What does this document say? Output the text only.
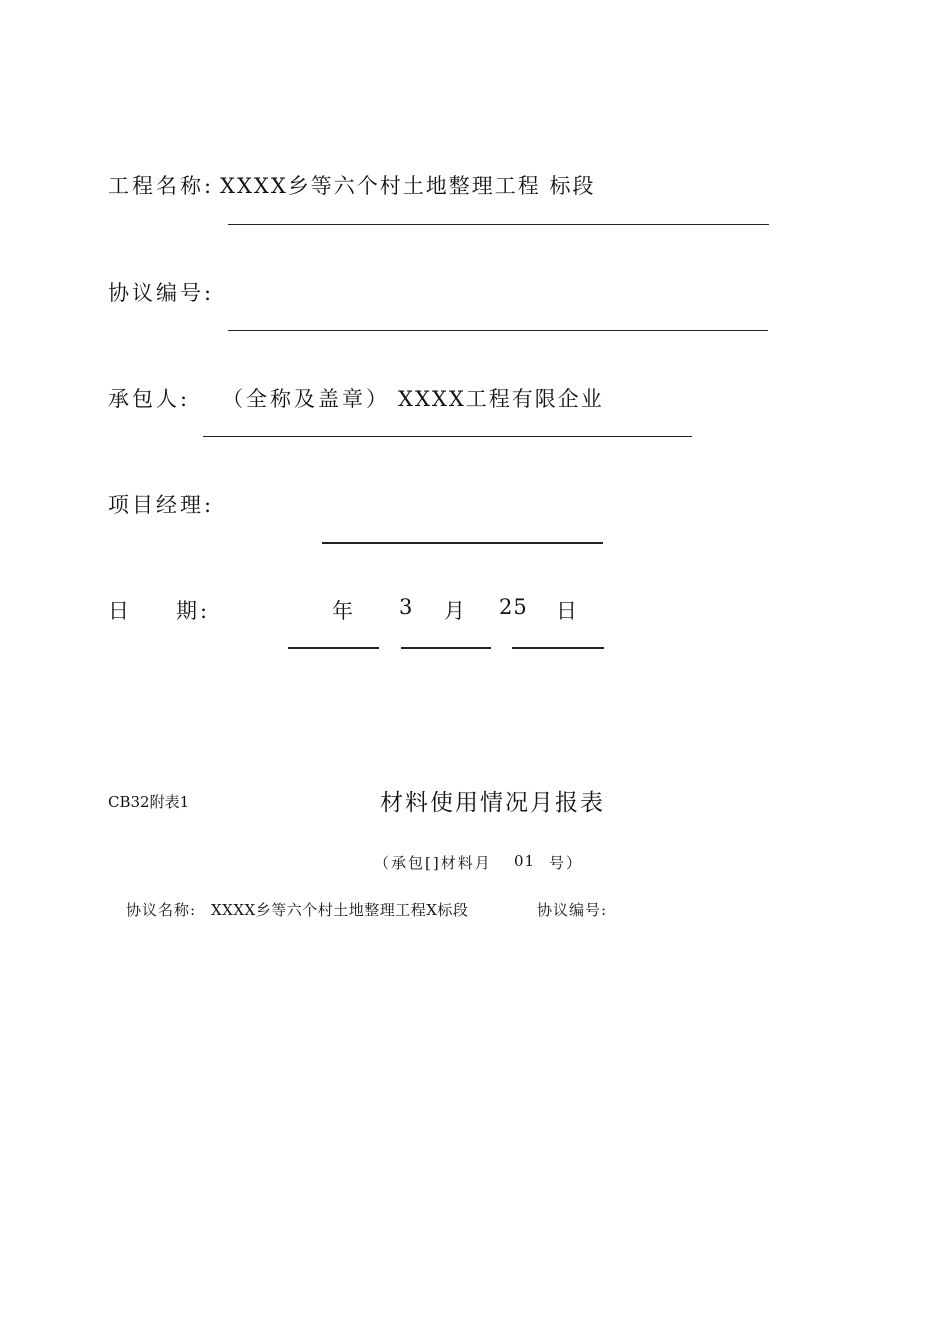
工程名称: XXXX乡等六个村土地整理工程 标段
协议编号:
承包人: （全称及盖章） XXXX工程有限企业
项目经理:
日 期:	年 3 月 25 日
CB32附表1	材料使用情况月报表
（承包[]材料月 01 号）
协议名称: XXXX乡等六个村土地整理工程X标段	协议编号:
